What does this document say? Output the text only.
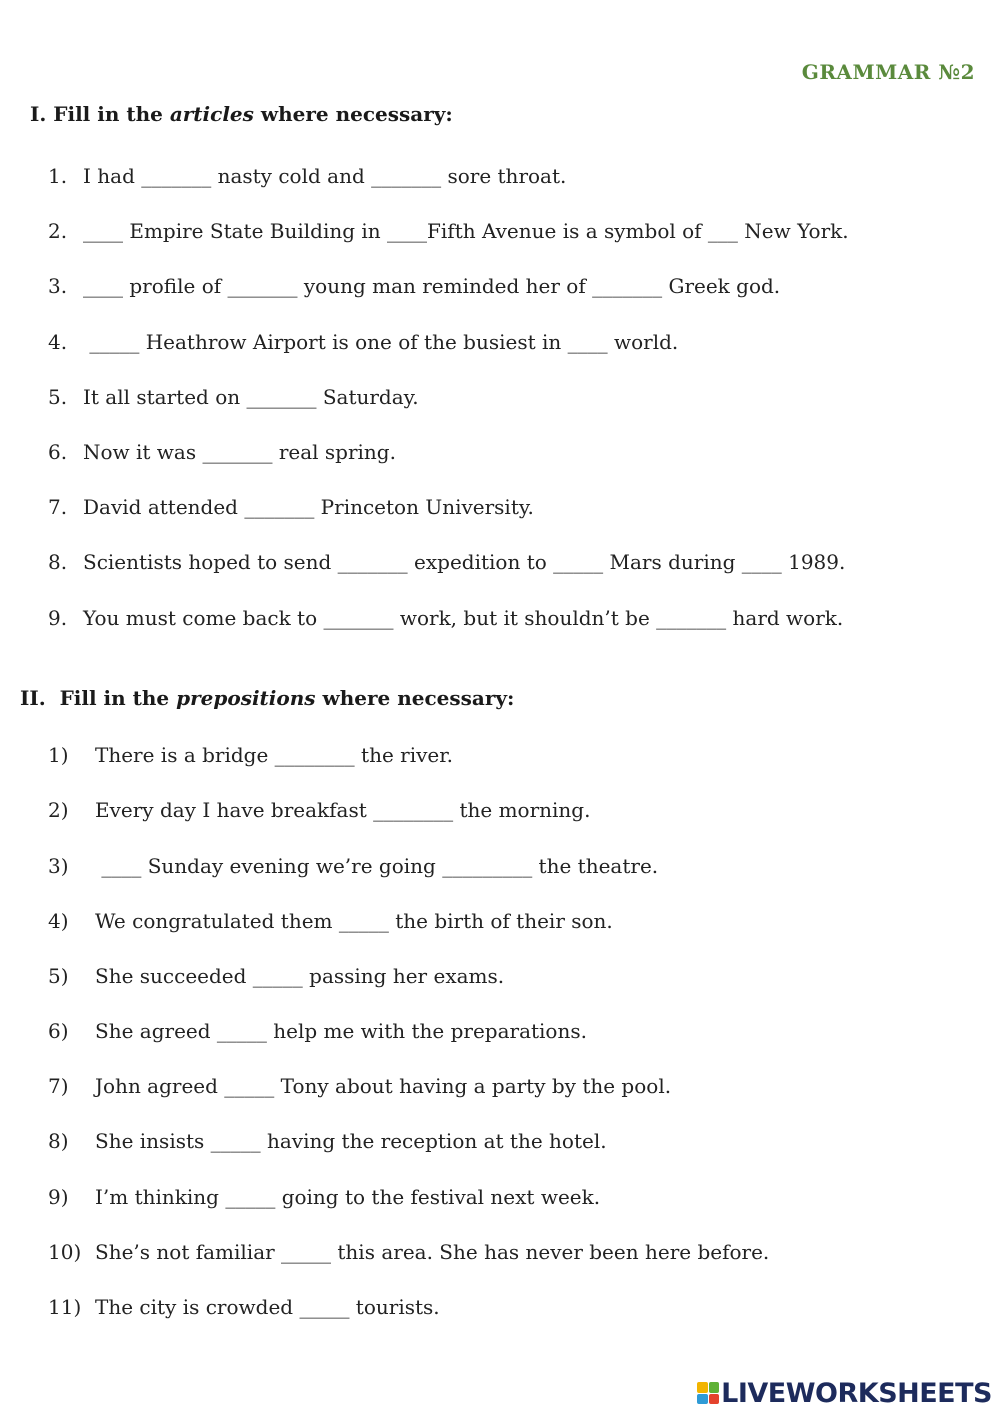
GRAMMAR №2
I. Fill in the articles where necessary:
1. I had _______ nasty cold and _______ sore throat.
2. ____ Empire State Building in ____Fifth Avenue is a symbol of ___ New York.
3. ____ profile of _______ young man reminded her of _______ Greek god.
4. _____ Heathrow Airport is one of the busiest in ____ world.
5. It all started on _______ Saturday.
6. Now it was _______ real spring.
7. David attended _______ Princeton University.
8. Scientists hoped to send _______ expedition to _____ Mars during ____ 1989.
9. You must come back to _______ work, but it shouldn’t be _______ hard work.
II.  Fill in the prepositions where necessary:
1) There is a bridge ________ the river.
2) Every day I have breakfast ________ the morning.
3) ____ Sunday evening we’re going _________ the theatre.
4) We congratulated them _____ the birth of their son.
5) She succeeded _____ passing her exams.
6) She agreed _____ help me with the preparations.
7) John agreed _____ Tony about having a party by the pool.
8) She insists _____ having the reception at the hotel.
9) I’m thinking _____ going to the festival next week.
10) She’s not familiar _____ this area. She has never been here before.
11) The city is crowded _____ tourists.
LIVEWORKSHEETS
